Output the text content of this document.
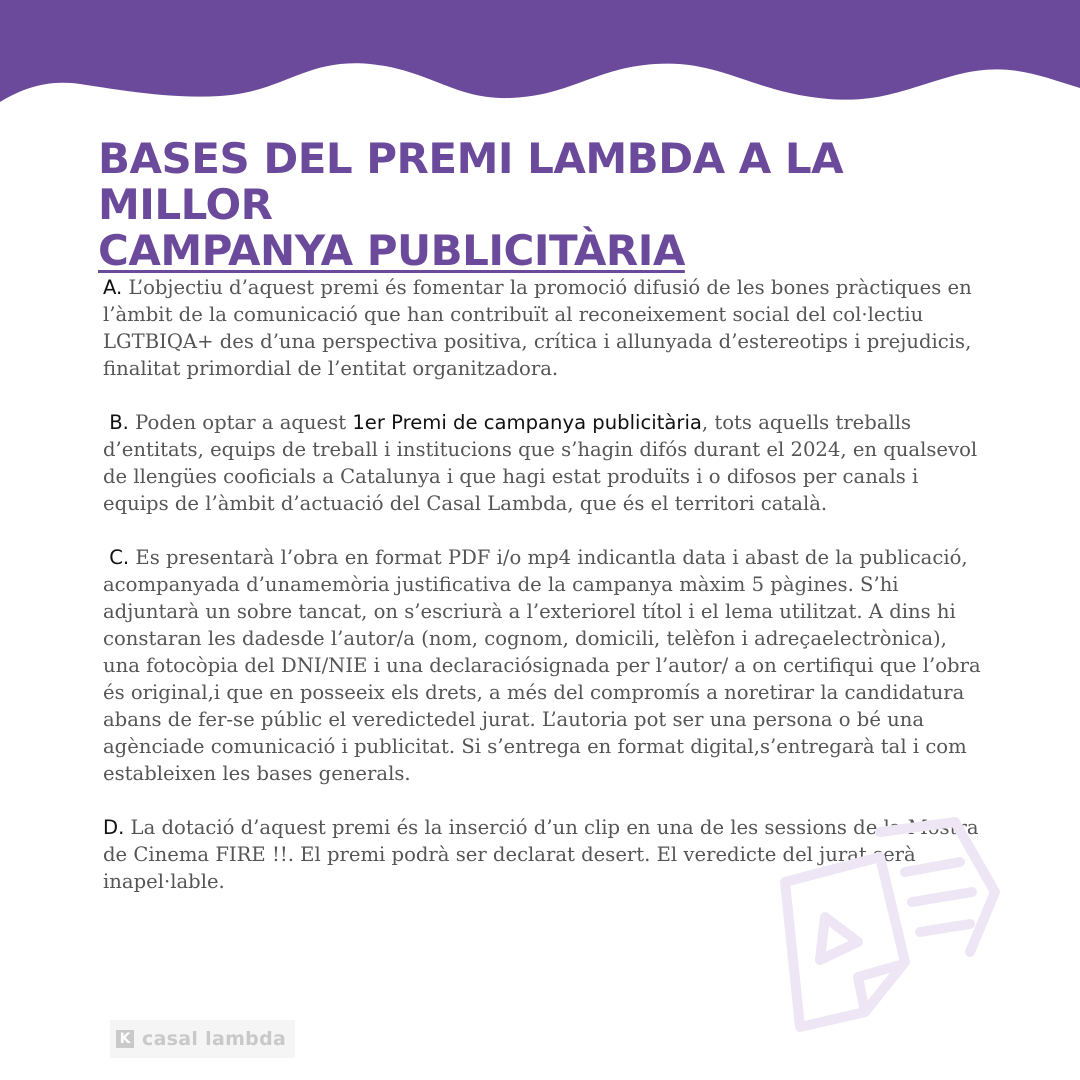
BASES DEL PREMI LAMBDA A LA MILLOR
CAMPANYA PUBLICITÀRIA

A. L’objectiu d’aquest premi és fomentar la promoció difusió de les bones pràctiques en l’àmbit de la comunicació que han contribuït al reconeixement social del col·lectiu LGTBIQA+ des d’una perspectiva positiva, crítica i allunyada d’estereotips i prejudicis, finalitat primordial de l’entitat organitzadora.

B. Poden optar a aquest 1er Premi de campanya publicitària, tots aquells treballs d’entitats, equips de treball i institucions que s’hagin difós durant el 2024, en qualsevol de llengües cooficials a Catalunya i que hagi estat produïts i o difosos per canals i equips de l’àmbit d’actuació del Casal Lambda, que és el territori català.

C. Es presentarà l’obra en format PDF i/o mp4 indicantla data i abast de la publicació, acompanyada d’unamemòria justificativa de la campanya màxim 5 pàgines. S’hi adjuntarà un sobre tancat, on s’escriurà a l’exteriorel títol i el lema utilitzat. A dins hi constaran les dadesde l’autor/a (nom, cognom, domicili, telèfon i adreçaelectrònica), una fotocòpia del DNI/NIE i una declaraciósignada per l’autor/ a on certifiqui que l’obra és original,i que en posseeix els drets, a més del compromís a noretirar la candidatura abans de fer-se públic el veredictedel jurat. L’autoria pot ser una persona o bé una agènciade comunicació i publicitat. Si s’entrega en format digital,s’entregarà tal i com estableixen les bases generals.

D. La dotació d’aquest premi és la inserció d’un clip en una de les sessions de la Mostra de Cinema FIRE !!. El premi podrà ser declarat desert. El veredicte del jurat serà inapel·lable.

K casal lambda
